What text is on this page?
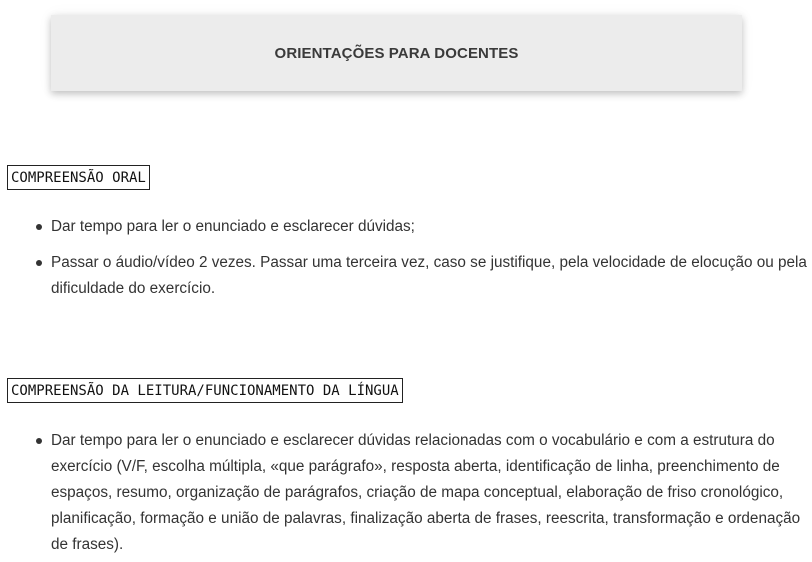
ORIENTAÇÕES PARA DOCENTES
COMPREENSÃO ORAL
Dar tempo para ler o enunciado e esclarecer dúvidas;
Passar o áudio/vídeo 2 vezes. Passar uma terceira vez, caso se justifique, pela velocidade de elocução ou pela dificuldade do exercício.
COMPREENSÃO DA LEITURA/FUNCIONAMENTO DA LÍNGUA
Dar tempo para ler o enunciado e esclarecer dúvidas relacionadas com o vocabulário e com a estrutura do exercício (V/F, escolha múltipla, «que parágrafo», resposta aberta, identificação de linha, preenchimento de espaços, resumo, organização de parágrafos, criação de mapa conceptual, elaboração de friso cronológico, planificação, formação e união de palavras, finalização aberta de frases, reescrita, transformação e ordenação de frases).
